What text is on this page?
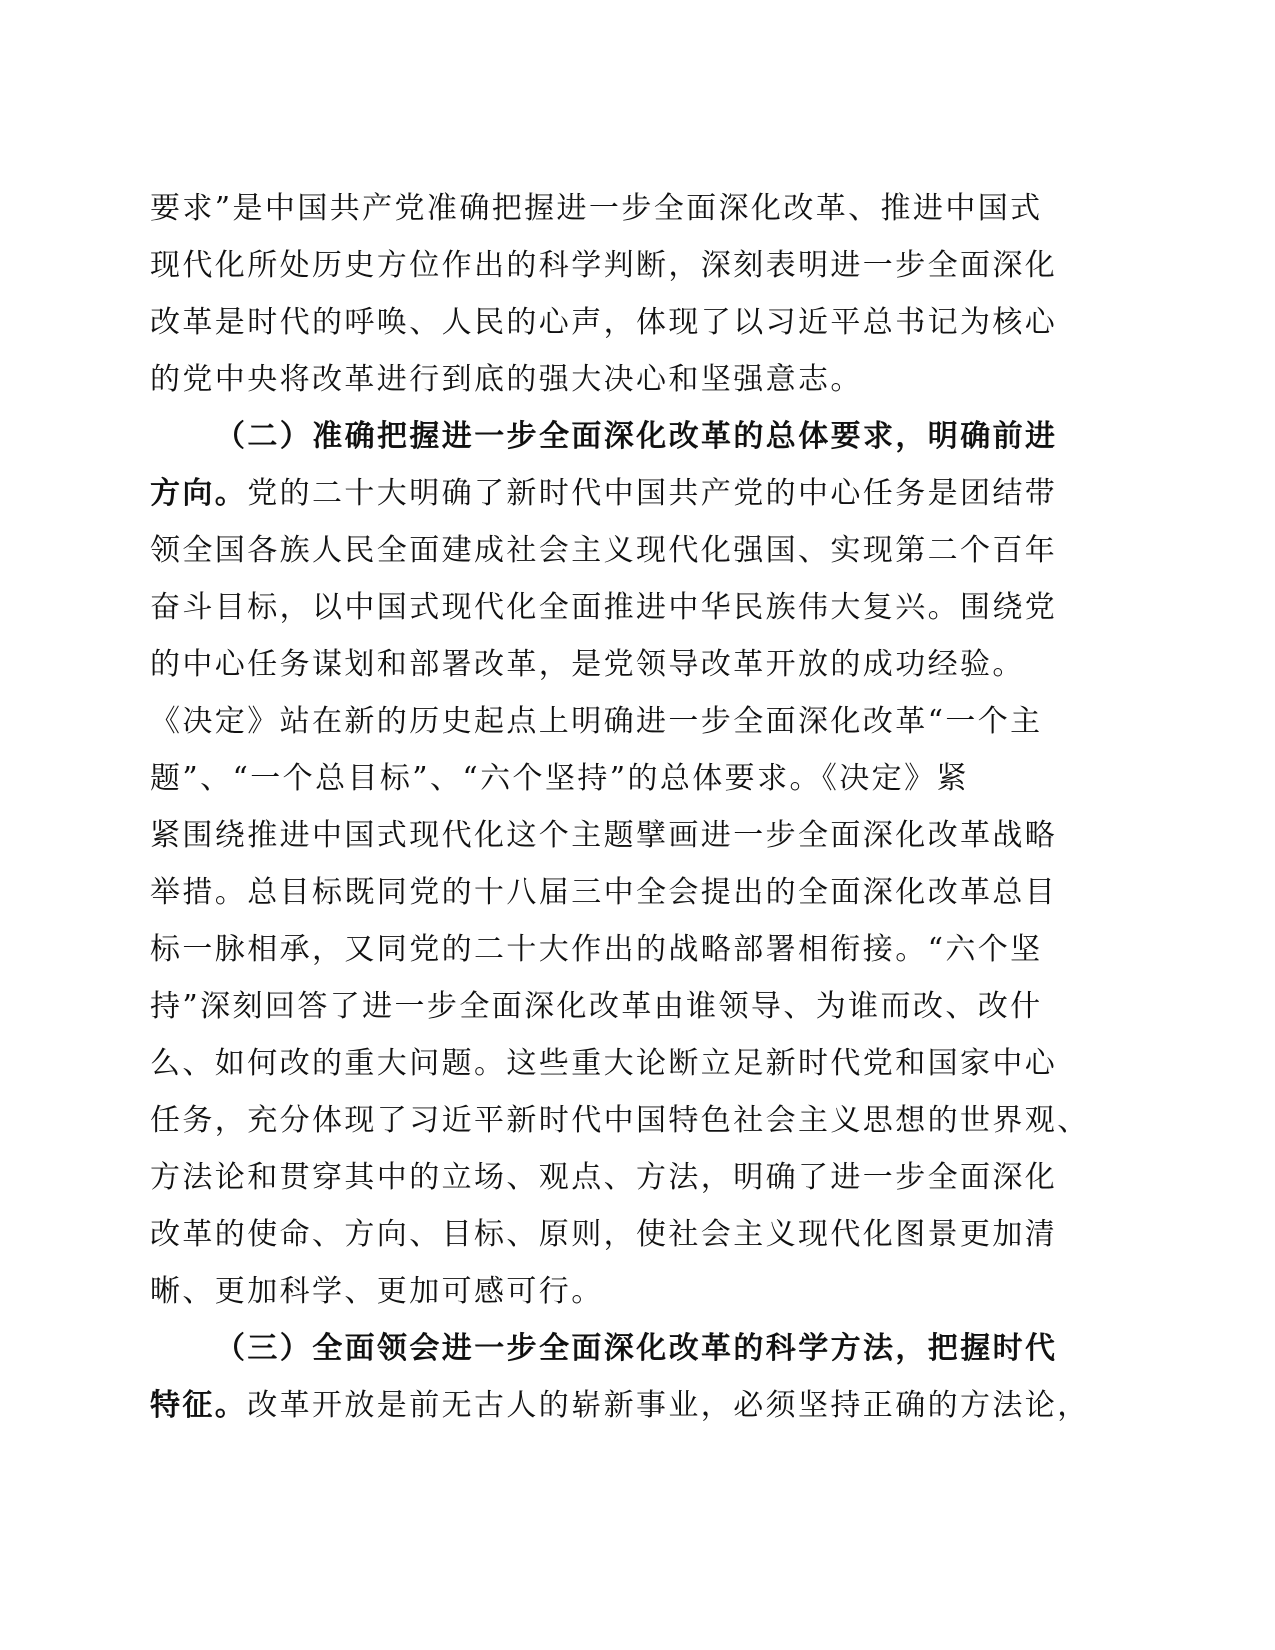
要求”是中国共产党准确把握进一步全面深化改革、推进中国式
现代化所处历史方位作出的科学判断，深刻表明进一步全面深化
改革是时代的呼唤、人民的心声，体现了以习近平总书记为核心
的党中央将改革进行到底的强大决心和坚强意志。
（二）准确把握进一步全面深化改革的总体要求，明确前进
方向。党的二十大明确了新时代中国共产党的中心任务是团结带
领全国各族人民全面建成社会主义现代化强国、实现第二个百年
奋斗目标，以中国式现代化全面推进中华民族伟大复兴。围绕党
的中心任务谋划和部署改革，是党领导改革开放的成功经验。
《决定》站在新的历史起点上明确进一步全面深化改革“一个主
题”、“一个总目标”、“六个坚持”的总体要求。《决定》紧
紧围绕推进中国式现代化这个主题擘画进一步全面深化改革战略
举措。总目标既同党的十八届三中全会提出的全面深化改革总目
标一脉相承，又同党的二十大作出的战略部署相衔接。“六个坚
持”深刻回答了进一步全面深化改革由谁领导、为谁而改、改什
么、如何改的重大问题。这些重大论断立足新时代党和国家中心
任务，充分体现了习近平新时代中国特色社会主义思想的世界观、
方法论和贯穿其中的立场、观点、方法，明确了进一步全面深化
改革的使命、方向、目标、原则，使社会主义现代化图景更加清
晰、更加科学、更加可感可行。
（三）全面领会进一步全面深化改革的科学方法，把握时代
特征。改革开放是前无古人的崭新事业，必须坚持正确的方法论，
